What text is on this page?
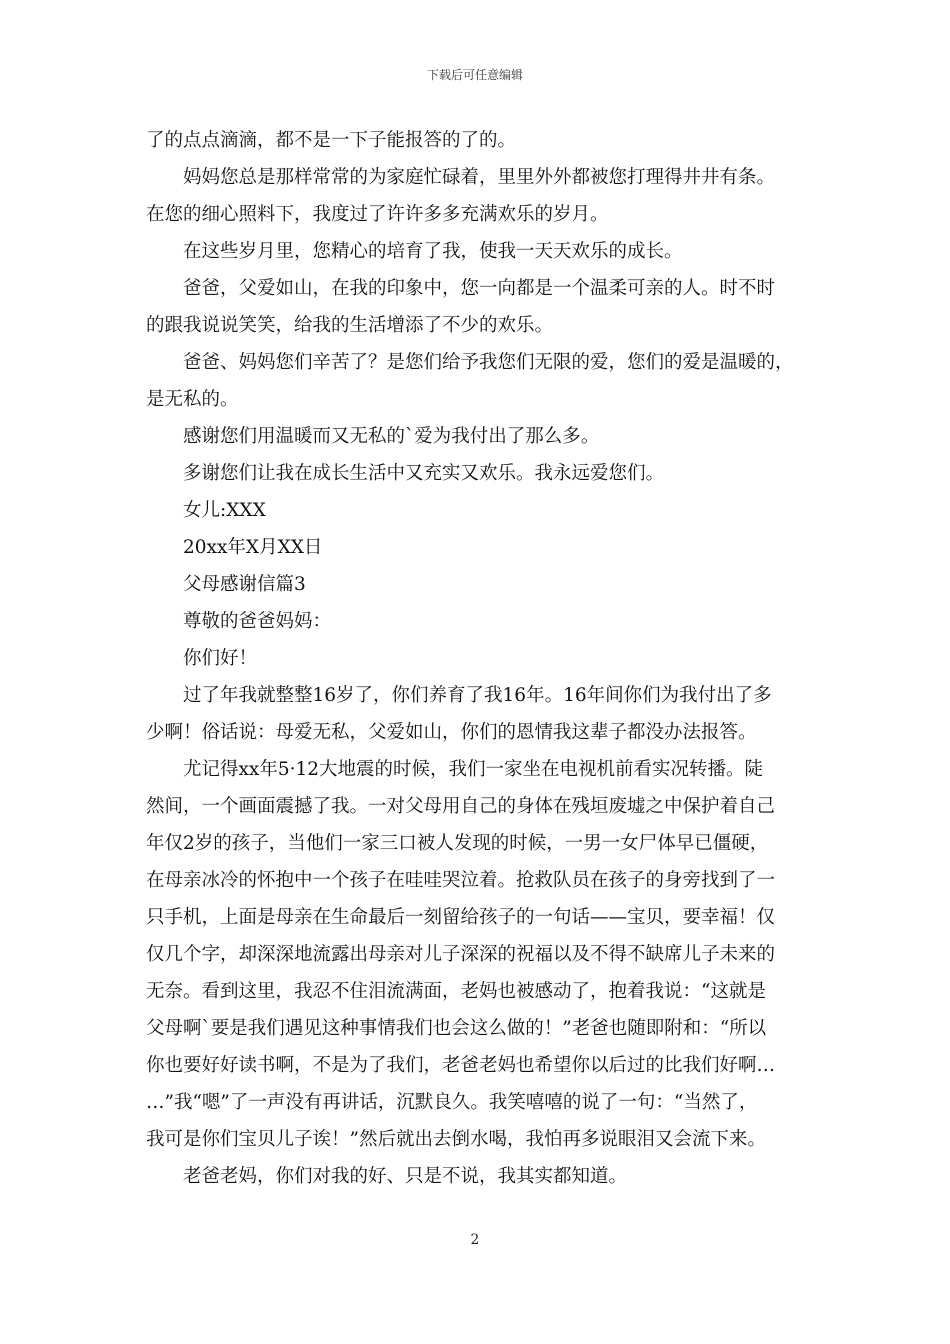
下载后可任意编辑
了的点点滴滴，都不是一下子能报答的了的。
妈妈您总是那样常常的为家庭忙碌着，里里外外都被您打理得井井有条。
在您的细心照料下，我度过了许许多多充满欢乐的岁月。
在这些岁月里，您精心的培育了我，使我一天天欢乐的成长。
爸爸，父爱如山，在我的印象中，您一向都是一个温柔可亲的人。时不时
的跟我说说笑笑，给我的生活增添了不少的欢乐。
爸爸、妈妈您们辛苦了？是您们给予我您们无限的爱，您们的爱是温暖的，
是无私的。
感谢您们用温暖而又无私的`爱为我付出了那么多。
多谢您们让我在成长生活中又充实又欢乐。我永远爱您们。
女儿:XXX
20xx年X月XX日
父母感谢信篇3
尊敬的爸爸妈妈：
你们好！
过了年我就整整16岁了，你们养育了我16年。16年间你们为我付出了多
少啊！俗话说：母爱无私，父爱如山，你们的恩情我这辈子都没办法报答。
尤记得xx年5·12大地震的时候，我们一家坐在电视机前看实况转播。陡
然间，一个画面震撼了我。一对父母用自己的身体在残垣废墟之中保护着自己
年仅2岁的孩子，当他们一家三口被人发现的时候，一男一女尸体早已僵硬，
在母亲冰冷的怀抱中一个孩子在哇哇哭泣着。抢救队员在孩子的身旁找到了一
只手机，上面是母亲在生命最后一刻留给孩子的一句话——宝贝，要幸福！仅
仅几个字，却深深地流露出母亲对儿子深深的祝福以及不得不缺席儿子未来的
无奈。看到这里，我忍不住泪流满面，老妈也被感动了，抱着我说：“这就是
父母啊`要是我们遇见这种事情我们也会这么做的！”老爸也随即附和：“所以
你也要好好读书啊，不是为了我们，老爸老妈也希望你以后过的比我们好啊…
…”我“嗯”了一声没有再讲话，沉默良久。我笑嘻嘻的说了一句：“当然了，
我可是你们宝贝儿子诶！”然后就出去倒水喝，我怕再多说眼泪又会流下来。
老爸老妈，你们对我的好、只是不说，我其实都知道。
2
